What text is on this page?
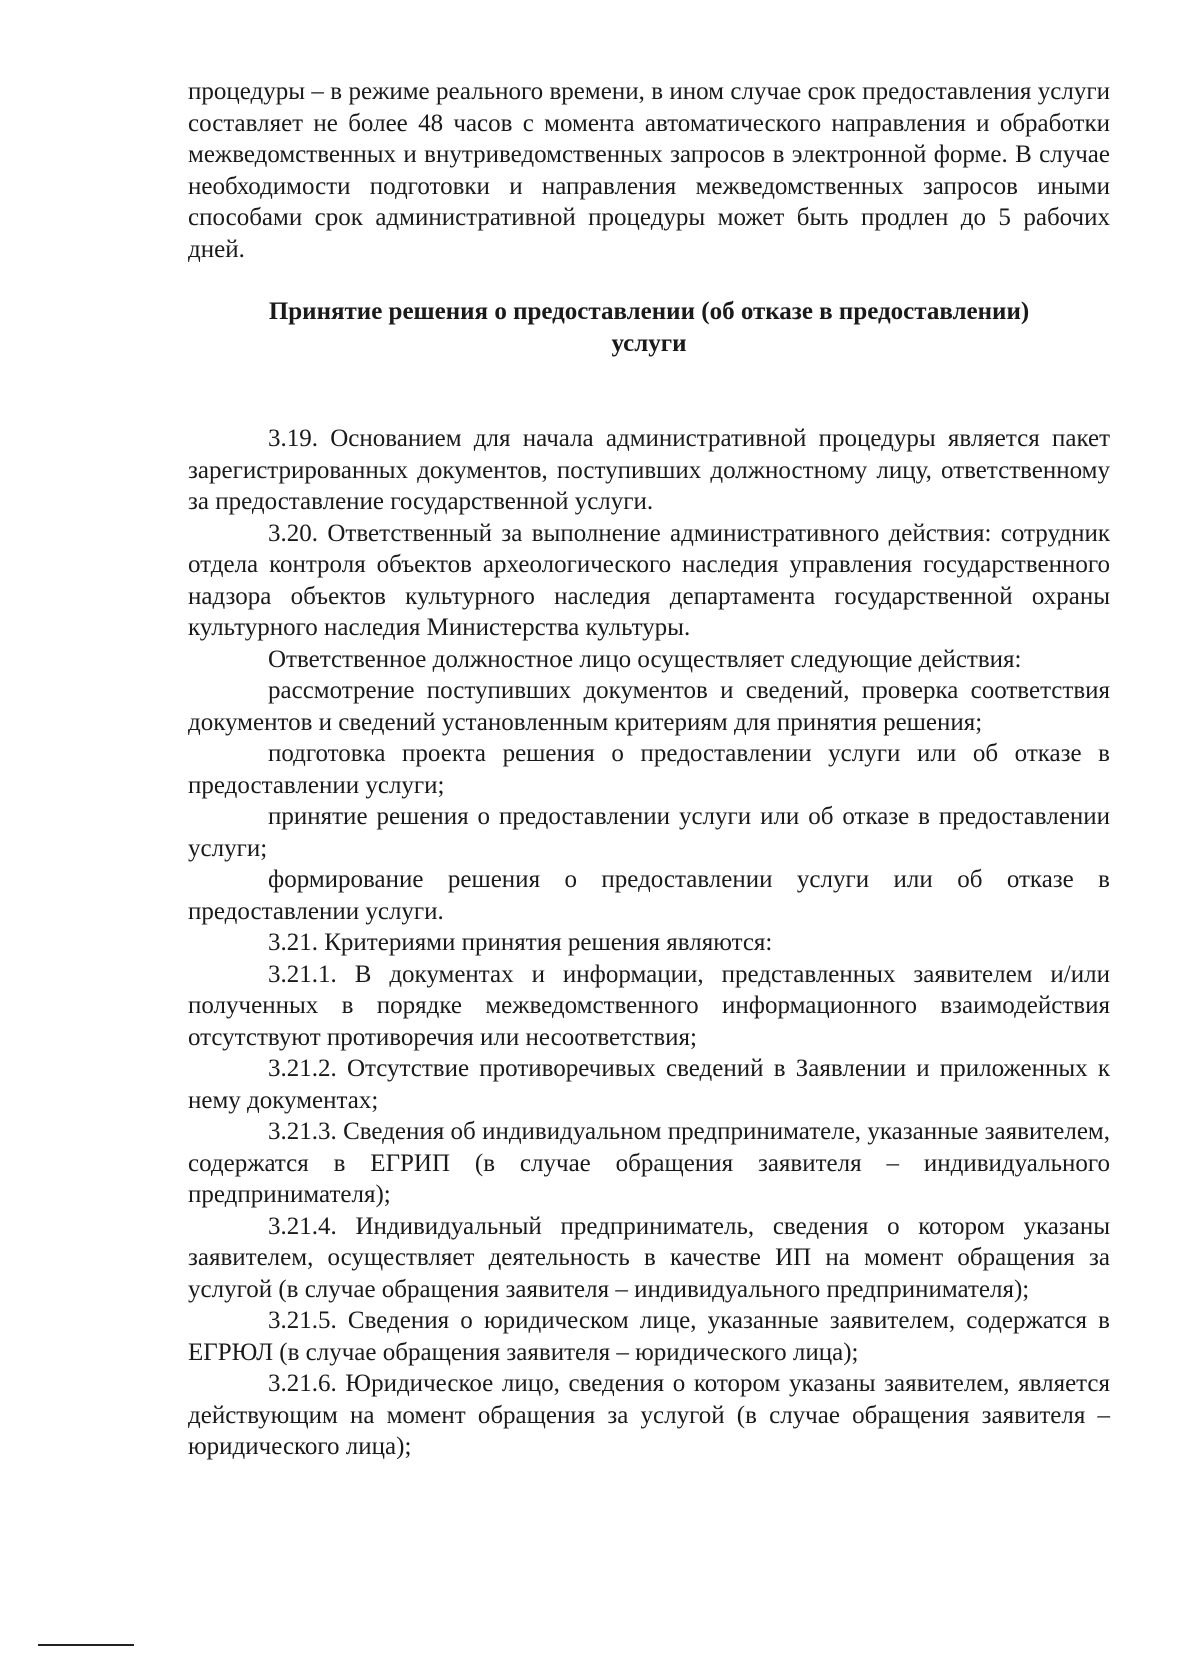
процедуры – в режиме реального времени, в ином случае срок предоставления услуги составляет не более 48 часов с момента автоматического направления и обработки межведомственных и внутриведомственных запросов в электронной форме. В случае необходимости подготовки и направления межведомственных запросов иными способами срок административной процедуры может быть продлен до 5 рабочих дней.

Принятие решения о предоставлении (об отказе в предоставлении)
услуги

3.19. Основанием для начала административной процедуры является пакет зарегистрированных документов, поступивших должностному лицу, ответственному за предоставление государственной услуги.

3.20. Ответственный за выполнение административного действия: сотрудник отдела контроля объектов археологического наследия управления государственного надзора объектов культурного наследия департамента государственной охраны культурного наследия Министерства культуры.

Ответственное должностное лицо осуществляет следующие действия:

рассмотрение поступивших документов и сведений, проверка соответствия документов и сведений установленным критериям для принятия решения;

подготовка проекта решения о предоставлении услуги или об отказе в предоставлении услуги;

принятие решения о предоставлении услуги или об отказе в предоставлении услуги;

формирование решения о предоставлении услуги или об отказе в предоставлении услуги.

3.21. Критериями принятия решения являются:

3.21.1. В документах и информации, представленных заявителем и/или полученных в порядке межведомственного информационного взаимодействия отсутствуют противоречия или несоответствия;

3.21.2. Отсутствие противоречивых сведений в Заявлении и приложенных к нему документах;

3.21.3. Сведения об индивидуальном предпринимателе, указанные заявителем, содержатся в ЕГРИП (в случае обращения заявителя – индивидуального предпринимателя);

3.21.4. Индивидуальный предприниматель, сведения о котором указаны заявителем, осуществляет деятельность в качестве ИП на момент обращения за услугой (в случае обращения заявителя – индивидуального предпринимателя);

3.21.5. Сведения о юридическом лице, указанные заявителем, содержатся в ЕГРЮЛ (в случае обращения заявителя – юридического лица);

3.21.6. Юридическое лицо, сведения о котором указаны заявителем, является действующим на момент обращения за услугой (в случае обращения заявителя – юридического лица);
